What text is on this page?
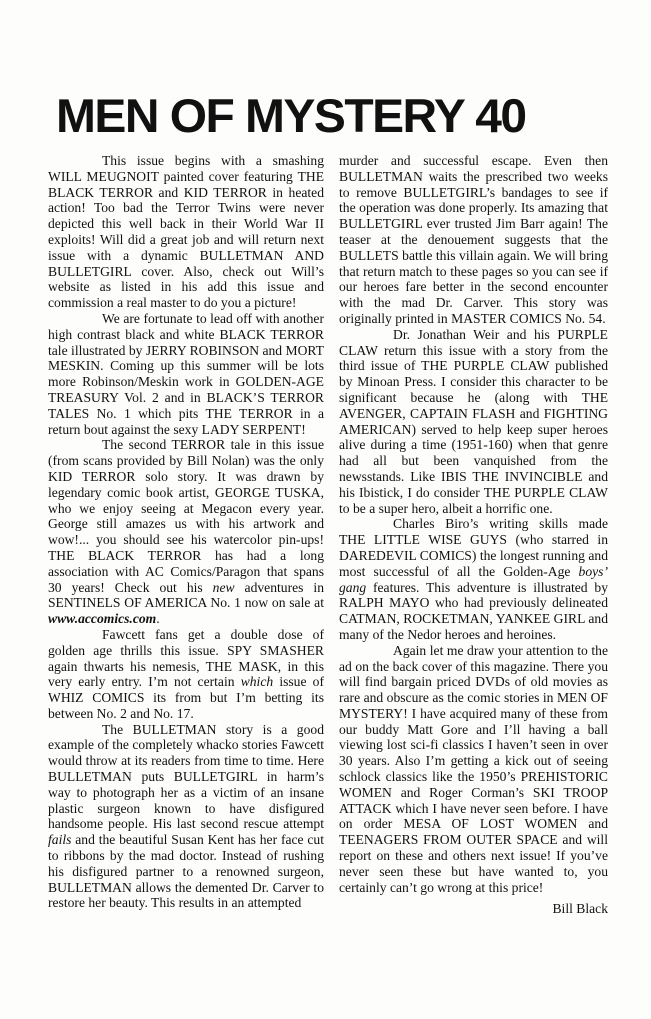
MEN OF MYSTERY 40

This issue begins with a smashing WILL MEUGNOIT painted cover featuring THE BLACK TERROR and KID TERROR in heated action! Too bad the Terror Twins were never depicted this well back in their World War II exploits! Will did a great job and will return next issue with a dynamic BULLETMAN AND BULLETGIRL cover. Also, check out Will’s website as listed in his add this issue and commission a real master to do you a picture!

We are fortunate to lead off with another high contrast black and white BLACK TERROR tale illustrated by JERRY ROBINSON and MORT MESKIN. Coming up this summer will be lots more Robinson/Meskin work in GOLDEN-AGE TREASURY Vol. 2 and in BLACK’S TERROR TALES No. 1 which pits THE TERROR in a return bout against the sexy LADY SERPENT!

The second TERROR tale in this issue (from scans provided by Bill Nolan) was the only KID TERROR solo story. It was drawn by legendary comic book artist, GEORGE TUSKA, who we enjoy seeing at Megacon every year. George still amazes us with his artwork and wow!... you should see his watercolor pin-ups! THE BLACK TERROR has had a long association with AC Comics/Paragon that spans 30 years! Check out his new adventures in SENTINELS OF AMERICA No. 1 now on sale at www.accomics.com.

Fawcett fans get a double dose of golden age thrills this issue. SPY SMASHER again thwarts his nemesis, THE MASK, in this very early entry. I’m not certain which issue of WHIZ COMICS its from but I’m betting its between No. 2 and No. 17.

The BULLETMAN story is a good example of the completely whacko stories Fawcett would throw at its readers from time to time. Here BULLETMAN puts BULLETGIRL in harm’s way to photograph her as a victim of an insane plastic surgeon known to have disfigured handsome people. His last second rescue attempt fails and the beautiful Susan Kent has her face cut to ribbons by the mad doctor. Instead of rushing his disfigured partner to a renowned surgeon, BULLETMAN allows the demented Dr. Carver to restore her beauty. This results in an attempted

murder and successful escape. Even then BULLETMAN waits the prescribed two weeks to remove BULLETGIRL’s bandages to see if the operation was done properly. Its amazing that BULLETGIRL ever trusted Jim Barr again! The teaser at the denouement suggests that the BULLETS battle this villain again. We will bring that return match to these pages so you can see if our heroes fare better in the second encounter with the mad Dr. Carver. This story was originally printed in MASTER COMICS No. 54.

Dr. Jonathan Weir and his PURPLE CLAW return this issue with a story from the third issue of THE PURPLE CLAW published by Minoan Press. I consider this character to be significant because he (along with THE AVENGER, CAPTAIN FLASH and FIGHTING AMERICAN) served to help keep super heroes alive during a time (1951-160) when that genre had all but been vanquished from the newsstands. Like IBIS THE INVINCIBLE and his Ibistick, I do consider THE PURPLE CLAW to be a super hero, albeit a horrific one.

Charles Biro’s writing skills made THE LITTLE WISE GUYS (who starred in DAREDEVIL COMICS) the longest running and most successful of all the Golden-Age boys’ gang features. This adventure is illustrated by RALPH MAYO who had previously delineated CATMAN, ROCKETMAN, YANKEE GIRL and many of the Nedor heroes and heroines.

Again let me draw your attention to the ad on the back cover of this magazine. There you will find bargain priced DVDs of old movies as rare and obscure as the comic stories in MEN OF MYSTERY! I have acquired many of these from our buddy Matt Gore and I’ll having a ball viewing lost sci-fi classics I haven’t seen in over 30 years. Also I’m getting a kick out of seeing schlock classics like the 1950’s PREHISTORIC WOMEN and Roger Corman’s SKI TROOP ATTACK which I have never seen before. I have on order MESA OF LOST WOMEN and TEENAGERS FROM OUTER SPACE and will report on these and others next issue! If you’ve never seen these but have wanted to, you certainly can’t go wrong at this price!

Bill Black
